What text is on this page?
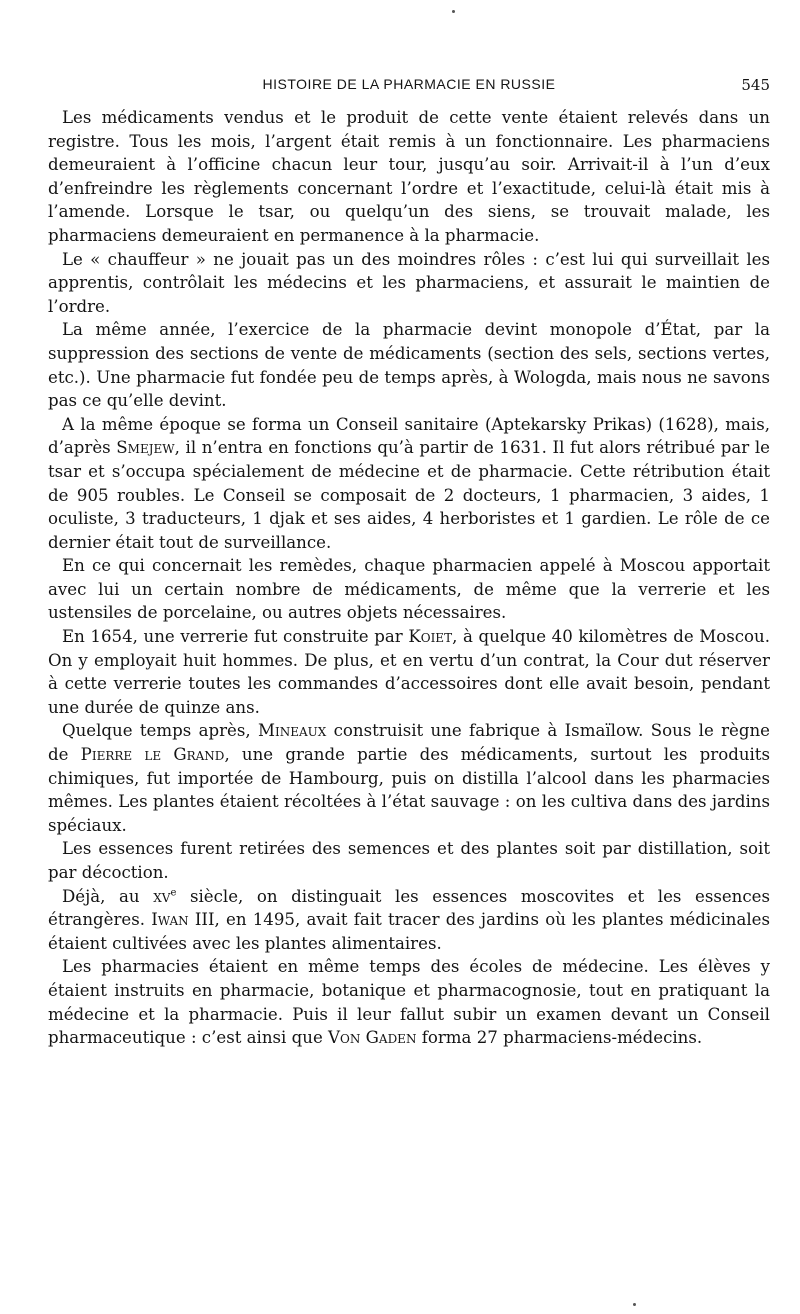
HISTOIRE DE LA PHARMACIE EN RUSSIE	545

Les médicaments vendus et le produit de cette vente étaient relevés dans un registre. Tous les mois, l’argent était remis à un fonctionnaire. Les pharmaciens demeuraient à l’officine chacun leur tour, jusqu’au soir. Arrivait-il à l’un d’eux d’enfreindre les règlements concernant l’ordre et l’exactitude, celui-là était mis à l’amende. Lorsque le tsar, ou quelqu’un des siens, se trouvait malade, les pharmaciens demeuraient en permanence à la pharmacie.

Le « chauffeur » ne jouait pas un des moindres rôles : c’est lui qui surveillait les apprentis, contrôlait les médecins et les pharmaciens, et assurait le maintien de l’ordre.

La même année, l’exercice de la pharmacie devint monopole d’État, par la suppression des sections de vente de médicaments (section des sels, sections vertes, etc.). Une pharmacie fut fondée peu de temps après, à Wologda, mais nous ne savons pas ce qu’elle devint.

A la même époque se forma un Conseil sanitaire (Aptekarsky Prikas) (1628), mais, d’après Smejew, il n’entra en fonctions qu’à partir de 1631. Il fut alors rétribué par le tsar et s’occupa spécialement de médecine et de pharmacie. Cette rétribution était de 905 roubles. Le Conseil se composait de 2 docteurs, 1 pharmacien, 3 aides, 1 oculiste, 3 traducteurs, 1 djak et ses aides, 4 herboristes et 1 gardien. Le rôle de ce dernier était tout de surveillance.

En ce qui concernait les remèdes, chaque pharmacien appelé à Moscou apportait avec lui un certain nombre de médicaments, de même que la verrerie et les ustensiles de porcelaine, ou autres objets nécessaires.

En 1654, une verrerie fut construite par Koiet, à quelque 40 kilomètres de Moscou. On y employait huit hommes. De plus, et en vertu d’un contrat, la Cour dut réserver à cette verrerie toutes les commandes d’accessoires dont elle avait besoin, pendant une durée de quinze ans.

Quelque temps après, Mineaux construisit une fabrique à Ismaïlow. Sous le règne de Pierre le Grand, une grande partie des médicaments, surtout les produits chimiques, fut importée de Hambourg, puis on distilla l’alcool dans les pharmacies mêmes. Les plantes étaient récoltées à l’état sauvage : on les cultiva dans des jardins spéciaux.

Les essences furent retirées des semences et des plantes soit par distillation, soit par décoction.

Déjà, au $xv^e$ siècle, on distinguait les essences moscovites et les essences étrangères. Iwan III, en 1495, avait fait tracer des jardins où les plantes médicinales étaient cultivées avec les plantes alimentaires.

Les pharmacies étaient en même temps des écoles de médecine. Les élèves y étaient instruits en pharmacie, botanique et pharmacognosie, tout en pratiquant la médecine et la pharmacie. Puis il leur fallut subir un examen devant un Conseil pharmaceutique : c’est ainsi que Von Gaden forma 27 pharmaciens-médecins.
